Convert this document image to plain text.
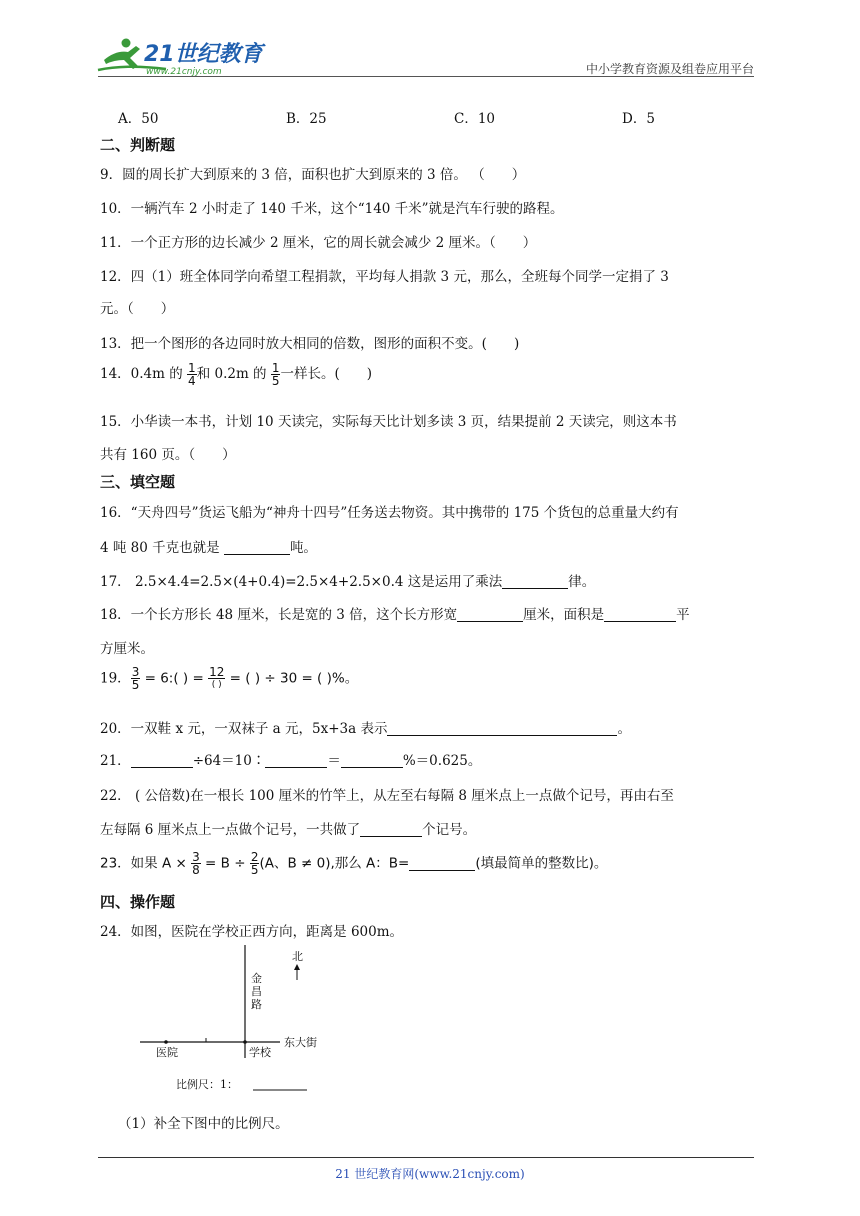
21世纪教育
www.21cnjy.com	中小学教育资源及组卷应用平台
A．50	B．25	C．10	D．5
二、判断题
9．圆的周长扩大到原来的 3 倍，面积也扩大到原来的 3 倍。 （　　）
10．一辆汽车 2 小时走了 140 千米，这个“140 千米”就是汽车行驶的路程。
11．一个正方形的边长减少 2 厘米，它的周长就会减少 2 厘米。（　　）
12．四（1）班全体同学向希望工程捐款，平均每人捐款 3 元，那么，全班每个同学一定捐了 3
元。（　　）
13．把一个图形的各边同时放大相同的倍数，图形的面积不变。(　　)
14．0.4m 的 $\frac{1}{4}$ 和 0.2m 的 $\frac{1}{5}$ 一样长。(　　)
15．小华读一本书，计划 10 天读完，实际每天比计划多读 3 页，结果提前 2 天读完，则这本书
共有 160 页。（　　）
三、填空题
16．“天舟四号”货运飞船为“神舟十四号”任务送去物资。其中携带的 175 个货包的总重量大约有
4 吨 80 千克也就是	吨。
17． 2.5×4.4=2.5×(4+0.4)=2.5×4+2.5×0.4 这是运用了乘法	律。
18．一个长方形长 48 厘米，长是宽的 3 倍，这个长方形宽	厘米，面积是	平
方厘米。
19． $\frac{3}{5}$ = 6:( ) = $\frac{12}{( )}$ = ( ) ÷ 30 = ( )%。
20．一双鞋 x 元，一双袜子 a 元，5x+3a 表示	。
21．	÷64＝10∶	＝	%＝0.625。
22． ( 公倍数)在一根长 100 厘米的竹竿上，从左至右每隔 8 厘米点上一点做个记号，再由右至
左每隔 6 厘米点上一点做个记号，一共做了	个记号。
23．如果 $A \times \frac{3}{8} = B \div \frac{2}{5} (A$、B ≠ 0),那么 A：B=	(填最简单的整数比)。
四、操作题
24．如图，医院在学校正西方向，距离是 600m。
北
金
昌
路
东大街
医院	学校
比例尺：1：
（1）补全下图中的比例尺。
21 世纪教育网(www.21cnjy.com)
